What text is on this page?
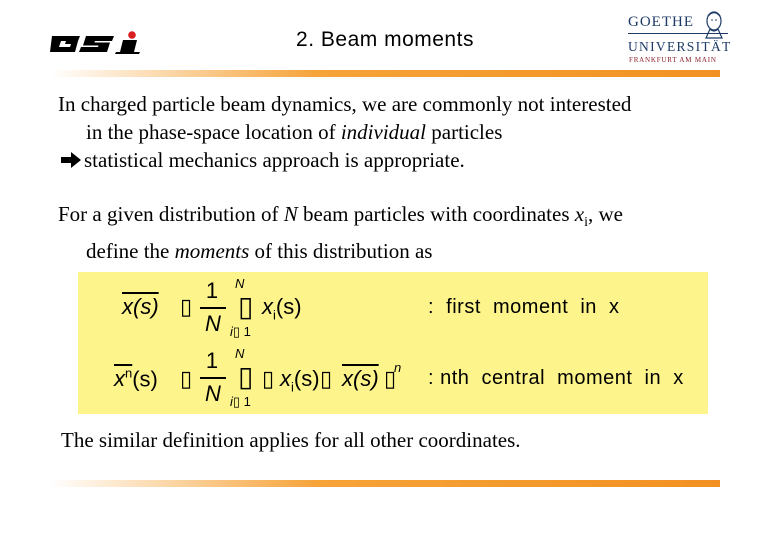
GSI	2. Beam moments
GOETHE
UNIVERSITÄT
FRANKFURT AM MAIN
In charged particle beam dynamics, we are commonly not interested
in the phase-space location of individual particles
statistical mechanics approach is appropriate.
For a given distribution of N beam particles with coordinates $x_i$, we
define the moments of this distribution as
x(s) ▯
1
N
▯
N
i▯ 1
$x_i(s)$	:  first  moment  in  x
$x^n(s)$ ▯
1
N
▯
N
i▯ 1
▯ $x_i(s)$ ▯ x(s) ▯
n : nth  central  moment  in  x
The similar definition applies for all other coordinates.
